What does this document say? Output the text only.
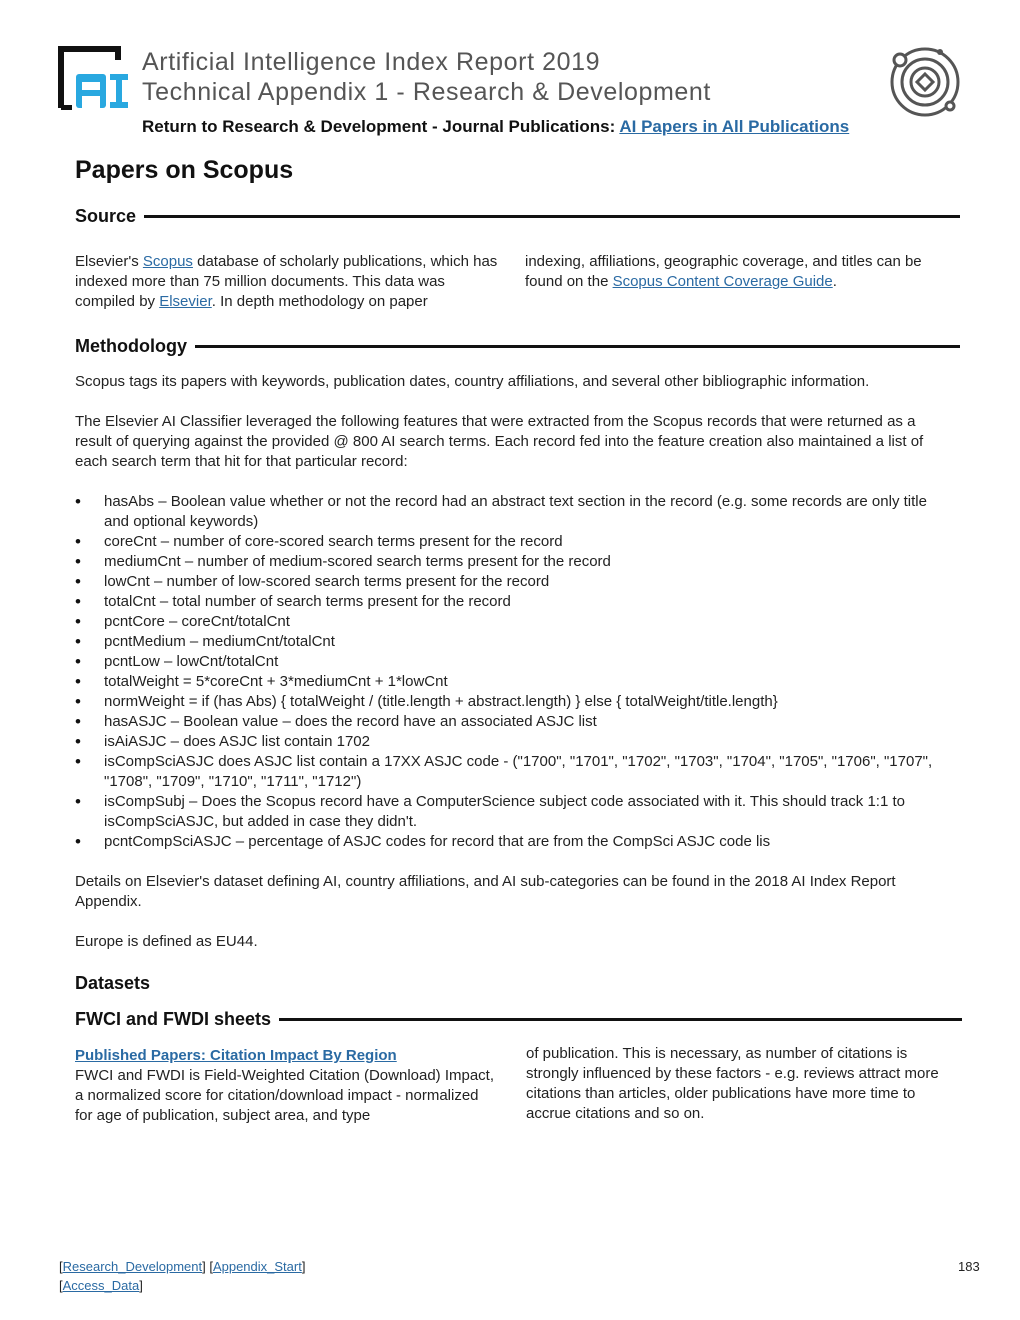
Artificial Intelligence Index Report 2019
Technical Appendix 1 - Research & Development
Return to Research & Development - Journal Publications: AI Papers in All Publications
Papers on Scopus
Source
Elsevier's Scopus database of scholarly publications, which has indexed more than 75 million documents. This data was compiled by Elsevier. In depth methodology on paper
indexing, affiliations, geographic coverage, and titles can be found on the Scopus Content Coverage Guide.
Methodology
Scopus tags its papers with keywords, publication dates, country affiliations, and several other bibliographic information.
The Elsevier AI Classifier leveraged the following features that were extracted from the Scopus records that were returned as a result of querying against the provided @ 800 AI search terms. Each record fed into the feature creation also maintained a list of each search term that hit for that particular record:
• hasAbs – Boolean value whether or not the record had an abstract text section in the record (e.g. some records are only title and optional keywords)
• coreCnt – number of core-scored search terms present for the record
• mediumCnt – number of medium-scored search terms present for the record
• lowCnt – number of low-scored search terms present for the record
• totalCnt – total number of search terms present for the record
• pcntCore – coreCnt/totalCnt
• pcntMedium – mediumCnt/totalCnt
• pcntLow – lowCnt/totalCnt
• totalWeight = 5*coreCnt + 3*mediumCnt + 1*lowCnt
• normWeight = if (has Abs) { totalWeight / (title.length + abstract.length) } else { totalWeight/title.length}
• hasASJC – Boolean value – does the record have an associated ASJC list
• isAiASJC – does ASJC list contain 1702
• isCompSciASJC does ASJC list contain a 17XX ASJC code - ("1700", "1701", "1702", "1703", "1704", "1705", "1706", "1707", "1708", "1709", "1710", "1711", "1712")
• isCompSubj – Does the Scopus record have a ComputerScience subject code associated with it. This should track 1:1 to isCompSciASJC, but added in case they didn't.
• pcntCompSciASJC – percentage of ASJC codes for record that are from the CompSci ASJC code lis
Details on Elsevier's dataset defining AI, country affiliations, and AI sub-categories can be found in the 2018 AI Index Report Appendix.
Europe is defined as EU44.
Datasets
FWCI and FWDI sheets
Published Papers: Citation Impact By Region
FWCI and FWDI is Field-Weighted Citation (Download) Impact, a normalized score for citation/download impact - normalized for age of publication, subject area, and type
of publication. This is necessary, as number of citations is strongly influenced by these factors - e.g. reviews attract more citations than articles, older publications have more time to accrue citations and so on.
[Research_Development] [Appendix_Start]
[Access_Data]
183
